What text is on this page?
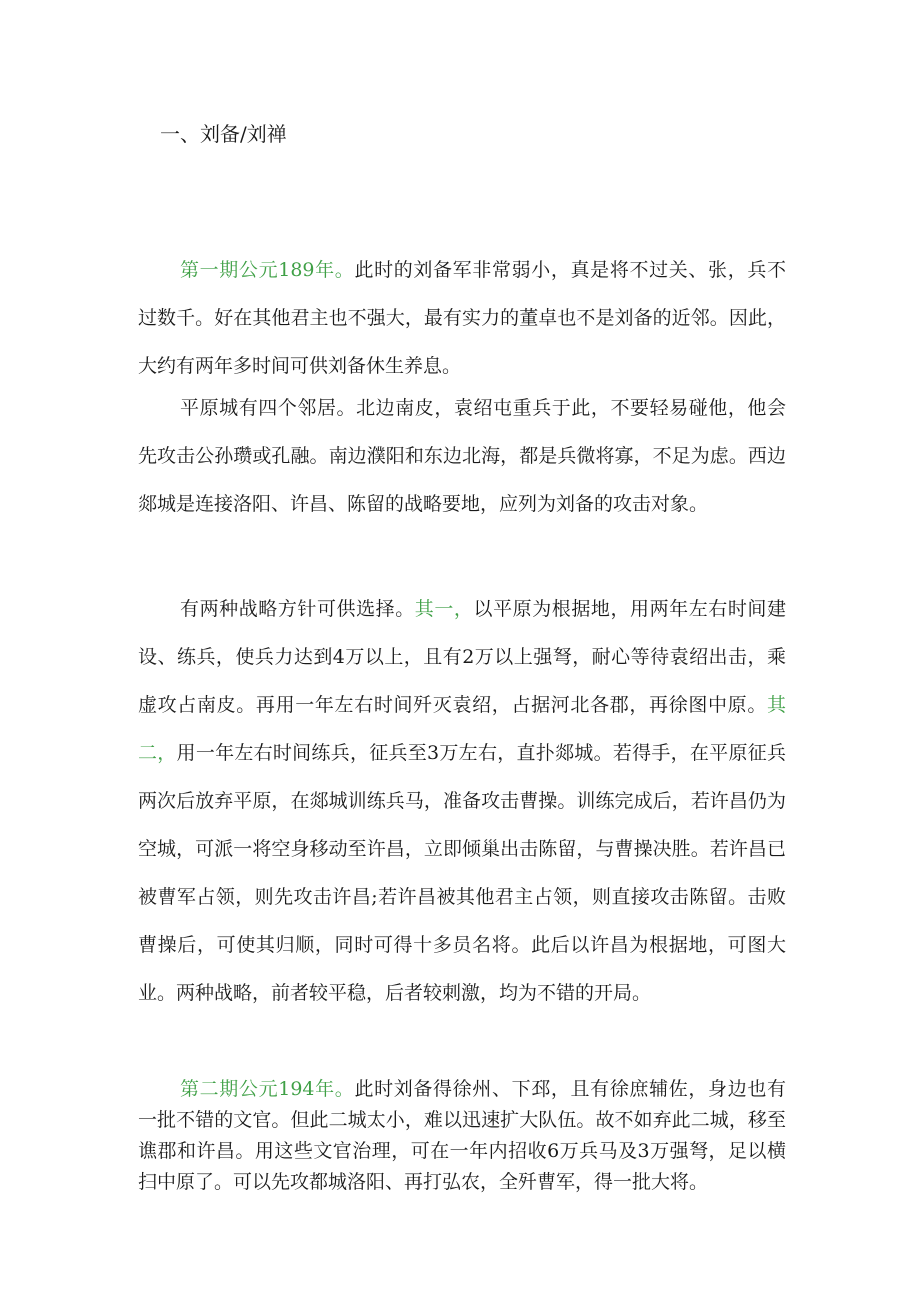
一、刘备/刘禅

第一期公元189年。此时的刘备军非常弱小，真是将不过关、张，兵不过数千。好在其他君主也不强大，最有实力的董卓也不是刘备的近邻。因此，大约有两年多时间可供刘备休生养息。

平原城有四个邻居。北边南皮，袁绍屯重兵于此，不要轻易碰他，他会先攻击公孙瓒或孔融。南边濮阳和东边北海，都是兵微将寡，不足为虑。西边郯城是连接洛阳、许昌、陈留的战略要地，应列为刘备的攻击对象。

有两种战略方针可供选择。其一，以平原为根据地，用两年左右时间建设、练兵，使兵力达到4万以上，且有2万以上强弩，耐心等待袁绍出击，乘虚攻占南皮。再用一年左右时间歼灭袁绍，占据河北各郡，再徐图中原。其二，用一年左右时间练兵，征兵至3万左右，直扑郯城。若得手，在平原征兵两次后放弃平原，在郯城训练兵马，准备攻击曹操。训练完成后，若许昌仍为空城，可派一将空身移动至许昌，立即倾巢出击陈留，与曹操决胜。若许昌已被曹军占领，则先攻击许昌;若许昌被其他君主占领，则直接攻击陈留。击败曹操后，可使其归顺，同时可得十多员名将。此后以许昌为根据地，可图大业。两种战略，前者较平稳，后者较刺激，均为不错的开局。

第二期公元194年。此时刘备得徐州、下邳，且有徐庶辅佐，身边也有一批不错的文官。但此二城太小，难以迅速扩大队伍。故不如弃此二城，移至谯郡和许昌。用这些文官治理，可在一年内招收6万兵马及3万强弩，足以横扫中原了。可以先攻都城洛阳、再打弘农，全歼曹军，得一批大将。
